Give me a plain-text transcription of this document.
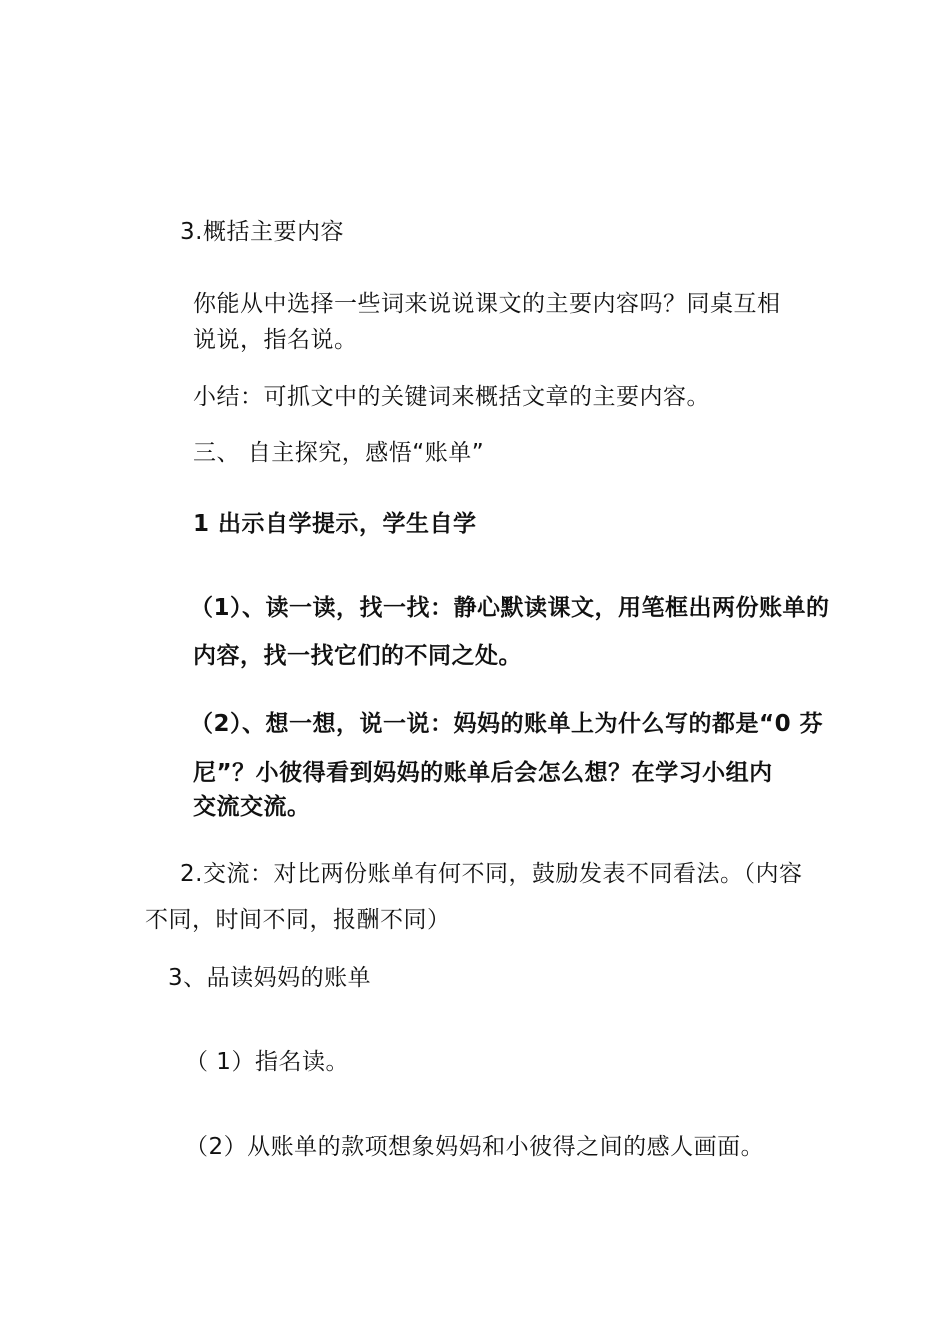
3.概括主要内容
你能从中选择一些词来说说课文的主要内容吗？同桌互相
说说，指名说。
小结：可抓文中的关键词来概括文章的主要内容。
三、 自主探究，感悟“账单”
1 出示自学提示，学生自学
（1）、读一读，找一找：静心默读课文，用笔框出两份账单的
内容，找一找它们的不同之处。
（2）、想一想，说一说：妈妈的账单上为什么写的都是“0 芬
尼”？小彼得看到妈妈的账单后会怎么想？在学习小组内
交流交流。
2.交流：对比两份账单有何不同，鼓励发表不同看法。（内容
不同，时间不同，报酬不同）
3、品读妈妈的账单
（ 1）指名读。
（2）从账单的款项想象妈妈和小彼得之间的感人画面。
